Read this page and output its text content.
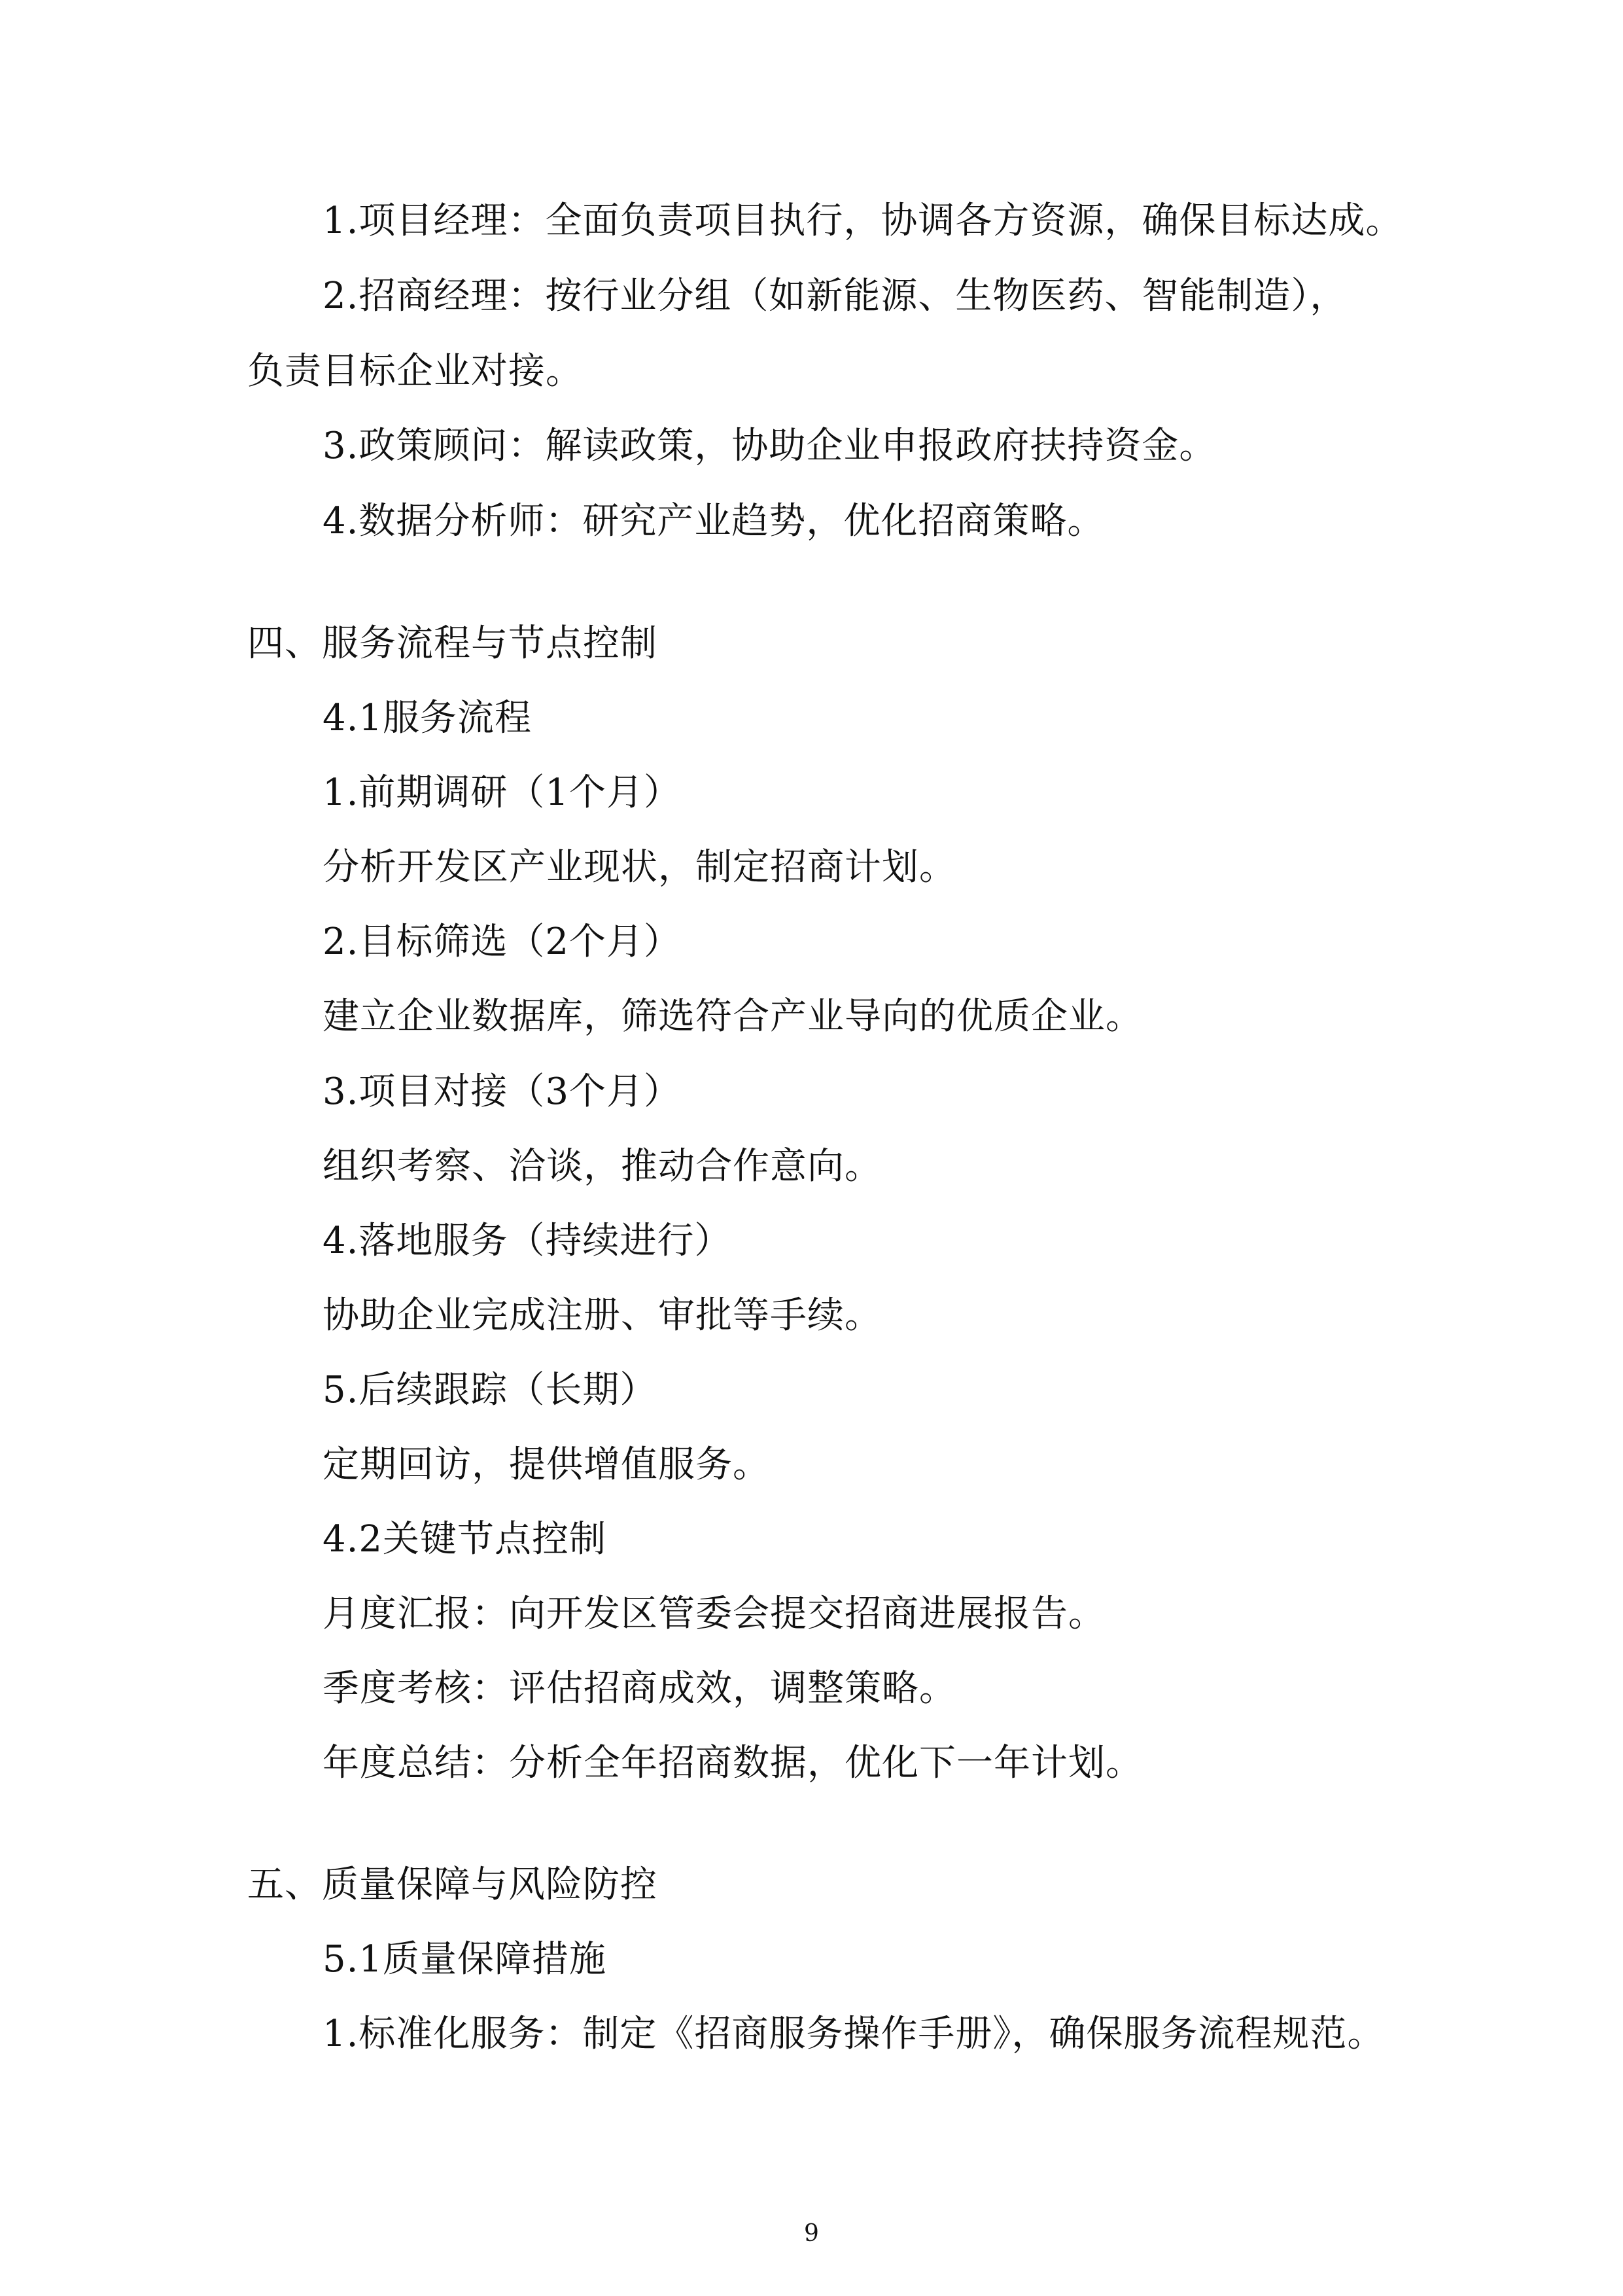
1.项目经理：全面负责项目执行，协调各方资源，确保目标达成。
2.招商经理：按行业分组（如新能源、生物医药、智能制造），
负责目标企业对接。
3.政策顾问：解读政策，协助企业申报政府扶持资金。
4.数据分析师：研究产业趋势，优化招商策略。
四、服务流程与节点控制
4.1服务流程
1.前期调研（1个月）
分析开发区产业现状，制定招商计划。
2.目标筛选（2个月）
建立企业数据库，筛选符合产业导向的优质企业。
3.项目对接（3个月）
组织考察、洽谈，推动合作意向。
4.落地服务（持续进行）
协助企业完成注册、审批等手续。
5.后续跟踪（长期）
定期回访，提供增值服务。
4.2关键节点控制
月度汇报：向开发区管委会提交招商进展报告。
季度考核：评估招商成效，调整策略。
年度总结：分析全年招商数据，优化下一年计划。
五、质量保障与风险防控
5.1质量保障措施
1.标准化服务：制定《招商服务操作手册》，确保服务流程规范。
9
